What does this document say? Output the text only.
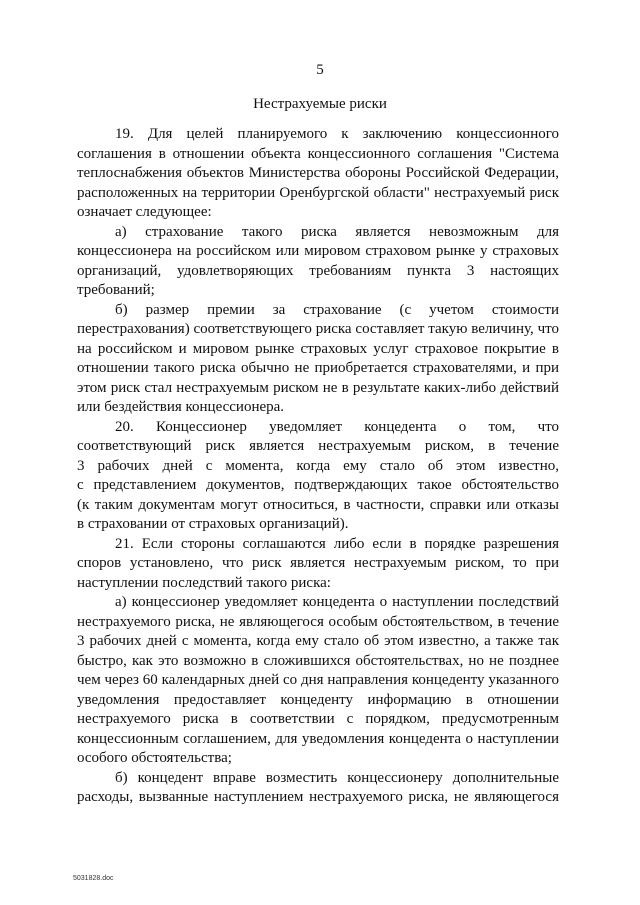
5
Нестрахуемые риски
19. Для целей планируемого к заключению концессионного
соглашения в отношении объекта концессионного соглашения "Система
теплоснабжения объектов Министерства обороны Российской Федерации,
расположенных на территории Оренбургской области" нестрахуемый риск
означает следующее:
а) страхование такого риска является невозможным для
концессионера на российском или мировом страховом рынке у страховых
организаций, удовлетворяющих требованиям пункта 3 настоящих
требований;
б) размер премии за страхование (с учетом стоимости
перестрахования) соответствующего риска составляет такую величину, что
на российском и мировом рынке страховых услуг страховое покрытие в
отношении такого риска обычно не приобретается страхователями, и при
этом риск стал нестрахуемым риском не в результате каких-либо действий
или бездействия концессионера.
20. Концессионер уведомляет концедента о том, что
соответствующий риск является нестрахуемым риском, в течение
3 рабочих дней с момента, когда ему стало об этом известно,
с представлением документов, подтверждающих такое обстоятельство
(к таким документам могут относиться, в частности, справки или отказы
в страховании от страховых организаций).
21. Если стороны соглашаются либо если в порядке разрешения
споров установлено, что риск является нестрахуемым риском, то при
наступлении последствий такого риска:
а) концессионер уведомляет концедента о наступлении последствий
нестрахуемого риска, не являющегося особым обстоятельством, в течение
3 рабочих дней с момента, когда ему стало об этом известно, а также так
быстро, как это возможно в сложившихся обстоятельствах, но не позднее
чем через 60 календарных дней со дня направления концеденту указанного
уведомления предоставляет концеденту информацию в отношении
нестрахуемого риска в соответствии с порядком, предусмотренным
концессионным соглашением, для уведомления концедента о наступлении
особого обстоятельства;
б) концедент вправе возместить концессионеру дополнительные
расходы, вызванные наступлением нестрахуемого риска, не являющегося
5031828.doc
